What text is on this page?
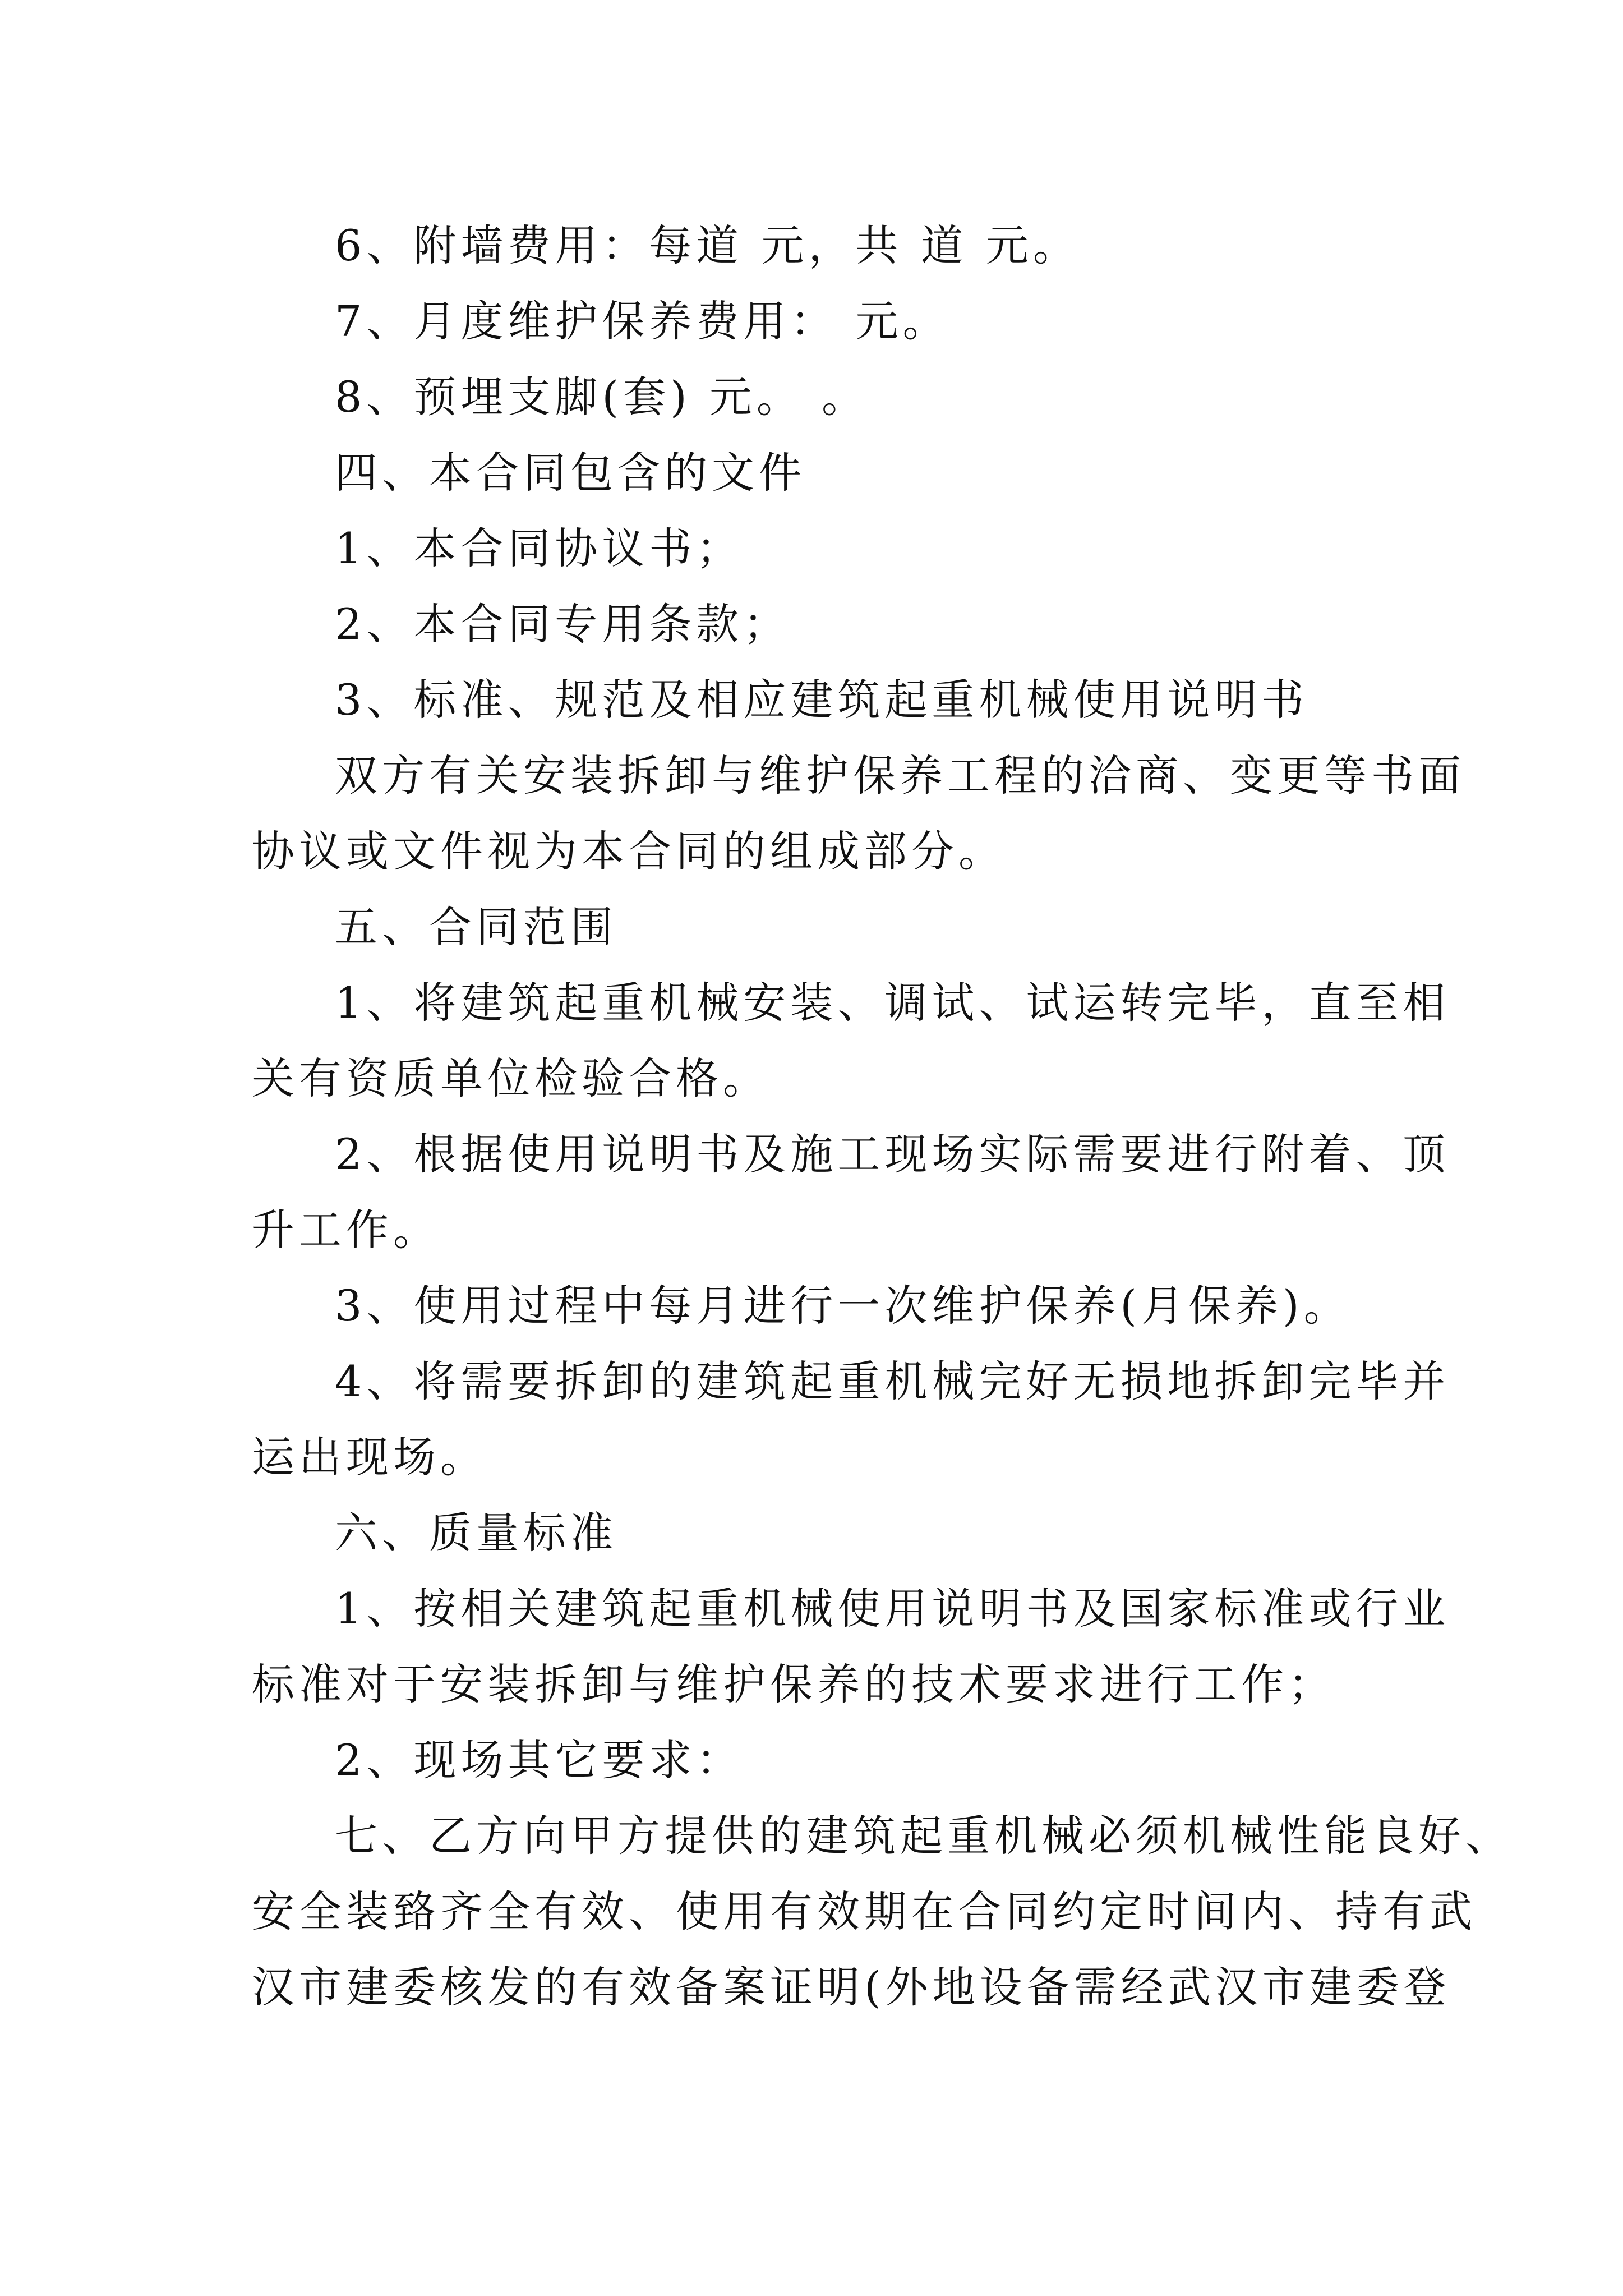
6、附墙费用：每道 元，共 道 元。
7、月度维护保养费用： 元。
8、预埋支脚(套) 元。 。
四、本合同包含的文件
1、本合同协议书；
2、本合同专用条款；
3、标准、规范及相应建筑起重机械使用说明书
双方有关安装拆卸与维护保养工程的洽商、变更等书面
协议或文件视为本合同的组成部分。
五、合同范围
1、将建筑起重机械安装、调试、试运转完毕，直至相
关有资质单位检验合格。
2、根据使用说明书及施工现场实际需要进行附着、顶
升工作。
3、使用过程中每月进行一次维护保养(月保养)。
4、将需要拆卸的建筑起重机械完好无损地拆卸完毕并
运出现场。
六、质量标准
1、按相关建筑起重机械使用说明书及国家标准或行业
标准对于安装拆卸与维护保养的技术要求进行工作；
2、现场其它要求：
七、乙方向甲方提供的建筑起重机械必须机械性能良好、
安全装臵齐全有效、使用有效期在合同约定时间内、持有武
汉市建委核发的有效备案证明(外地设备需经武汉市建委登
